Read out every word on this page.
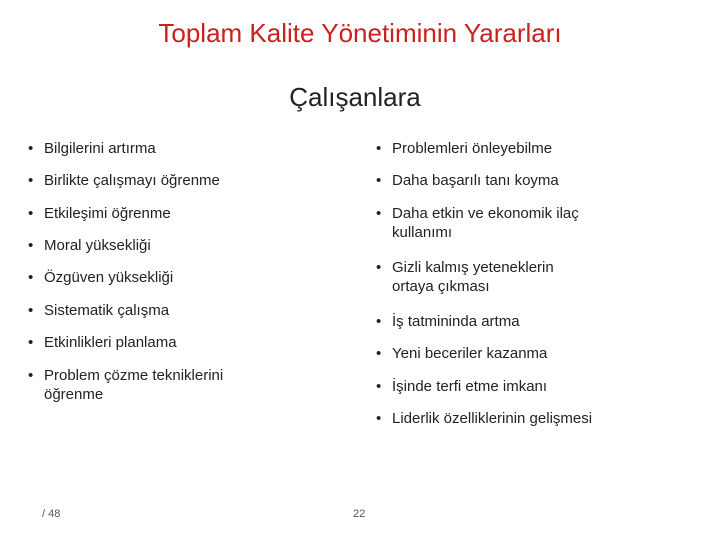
Toplam Kalite Yönetiminin Yararları
Çalışanlara
• Bilgilerini artırma
• Birlikte çalışmayı öğrenme
• Etkileşimi öğrenme
• Moral yüksekliği
• Özgüven yüksekliği
• Sistematik çalışma
• Etkinlikleri planlama
• Problem çözme tekniklerini öğrenme
• Problemleri önleyebilme
• Daha başarılı tanı koyma
• Daha etkin ve ekonomik ilaç kullanımı
• Gizli kalmış yeteneklerin ortaya çıkması
• İş tatmininda artma
• Yeni beceriler kazanma
• İşinde terfi etme imkanı
• Liderlik özelliklerinin gelişmesi
/ 48	22
